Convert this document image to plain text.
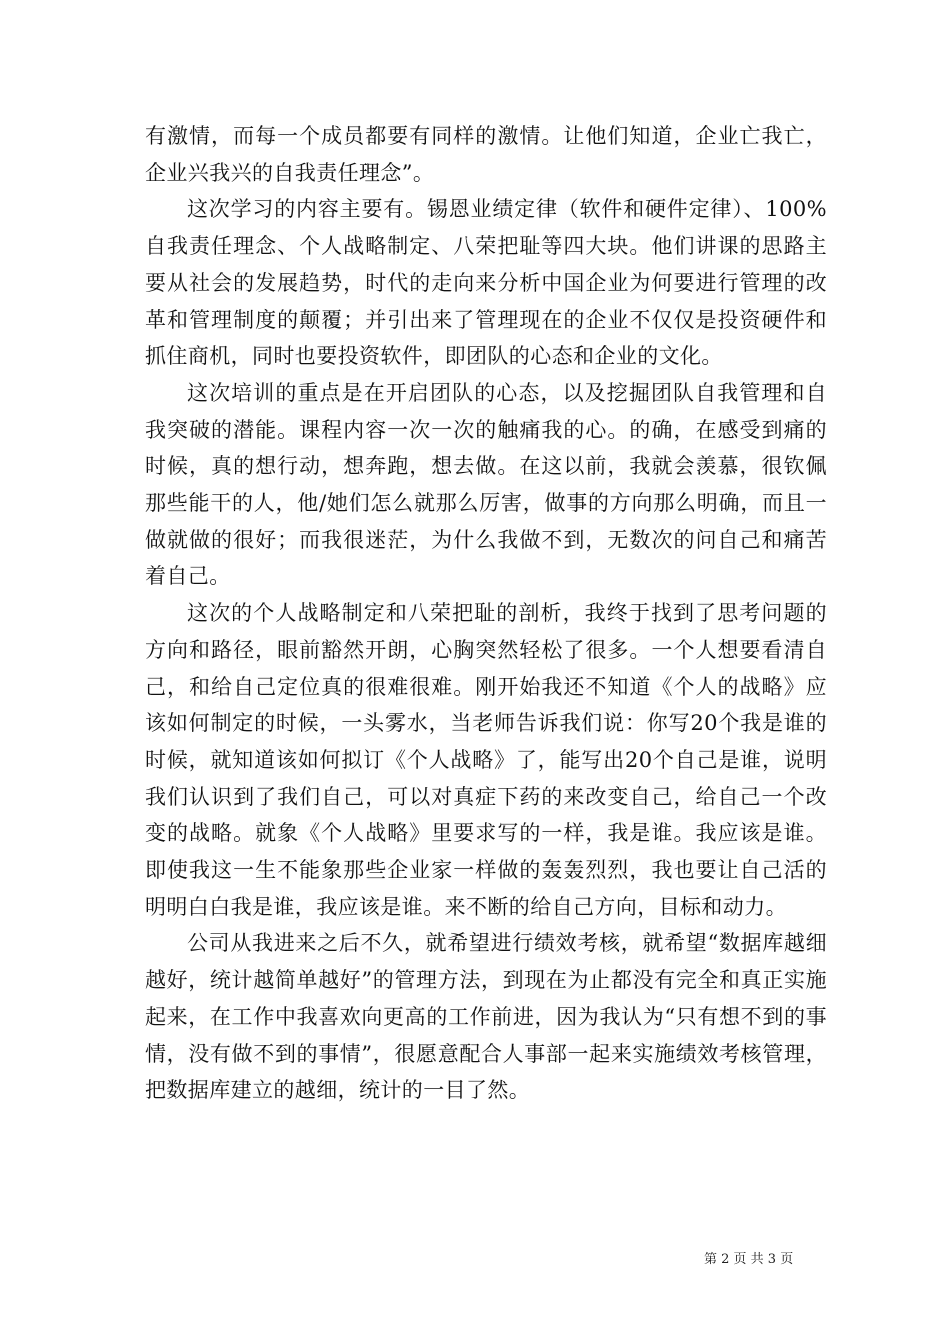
有激情，而每一个成员都要有同样的激情。让他们知道，企业亡我亡，企业兴我兴的自我责任理念”。

这次学习的内容主要有。锡恩业绩定律（软件和硬件定律）、100%自我责任理念、个人战略制定、八荣把耻等四大块。他们讲课的思路主要从社会的发展趋势，时代的走向来分析中国企业为何要进行管理的改革和管理制度的颠覆；并引出来了管理现在的企业不仅仅是投资硬件和抓住商机，同时也要投资软件，即团队的心态和企业的文化。

这次培训的重点是在开启团队的心态，以及挖掘团队自我管理和自我突破的潜能。课程内容一次一次的触痛我的心。的确，在感受到痛的时候，真的想行动，想奔跑，想去做。在这以前，我就会羡慕，很钦佩那些能干的人，他/她们怎么就那么厉害，做事的方向那么明确，而且一做就做的很好；而我很迷茫，为什么我做不到，无数次的问自己和痛苦着自己。

这次的个人战略制定和八荣把耻的剖析，我终于找到了思考问题的方向和路径，眼前豁然开朗，心胸突然轻松了很多。一个人想要看清自己，和给自己定位真的很难很难。刚开始我还不知道《个人的战略》应该如何制定的时候，一头雾水，当老师告诉我们说：你写20个我是谁的时候，就知道该如何拟订《个人战略》了，能写出20个自己是谁，说明我们认识到了我们自己，可以对真症下药的来改变自己，给自己一个改变的战略。就象《个人战略》里要求写的一样，我是谁。我应该是谁。即使我这一生不能象那些企业家一样做的轰轰烈烈，我也要让自己活的明明白白我是谁，我应该是谁。来不断的给自己方向，目标和动力。

公司从我进来之后不久，就希望进行绩效考核，就希望“数据库越细越好，统计越简单越好”的管理方法，到现在为止都没有完全和真正实施起来，在工作中我喜欢向更高的工作前进，因为我认为“只有想不到的事情，没有做不到的事情”，很愿意配合人事部一起来实施绩效考核管理，把数据库建立的越细，统计的一目了然。

第 2 页 共 3 页
